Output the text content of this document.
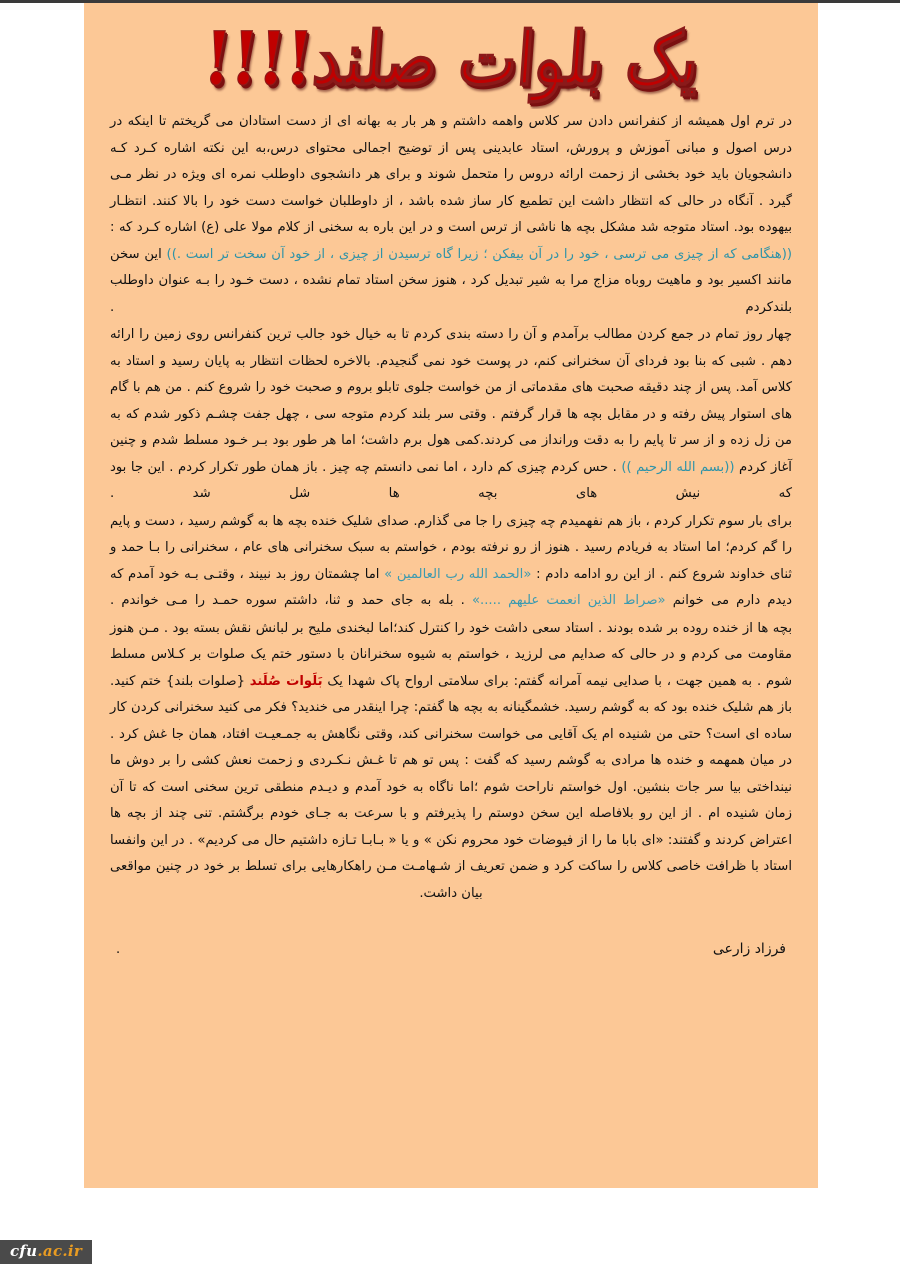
یک بلوات صلند!!!!

در ترم اول همیشه از کنفرانس دادن سر کلاس واهمه داشتم و هر بار به بهانه ای از دست استادان می گریختم تا اینکه در درس اصول و مبانی آموزش و پرورش، استاد عابدینی پس از توضیح اجمالی محتوای درس،به این نکته اشاره کـرد کـه دانشجویان باید خود بخشی از زحمت ارائه دروس را متحمل شوند و برای هر دانشجوی داوطلب نمره ای ویژه در نظر مـی گیرد . آنگاه در حالی که انتظار داشت این تطمیع کار ساز شده باشد ، از داوطلبان خواست دست خود را بالا کنند. انتظـار بیهوده بود. استاد متوجه شد مشکل بچه ها ناشی از ترس است و در این باره به سخنی از کلام مولا علی (ع) اشاره کـرد که : ((هنگامی که از چیزی می ترسی ، خود را در آن بیفکن ؛ زیرا گاه ترسیدن از چیزی ، از خود آن سخت تر است .)) این سخن مانند اکسیر بود و ماهیت روباه مزاج مرا به شیر تبدیل کرد ، هنوز سخن استاد تمام نشده ، دست خـود را بـه عنوان داوطلب بلندکردم .

چهار روز تمام در جمع کردن مطالب برآمدم و آن را دسته بندی کردم تا به خیال خود جالب ترین کنفرانس روی زمین را ارائه دهم . شبی که بنا بود فردای آن سخنرانی کنم، در پوست خود نمی گنجیدم. بالاخره لحظات انتظار به پایان رسید و استاد به کلاس آمد. پس از چند دقیقه صحبت های مقدماتی از من خواست جلوی تابلو بروم و صحبت خود را شروع کنم . من هم با گام های استوار پیش رفته و در مقابل بچه ها قرار گرفتم . وقتی سر بلند کردم متوجه سی ، چهل جفت چشـم ذکور شدم که به من زل زده و از سر تا پایم را به دقت ورانداز می کردند.کمی هول برم داشت؛ اما هر طور بود بـر خـود مسلط شدم و چنین آغاز کردم ((بسم الله الرحیم )) . حس کردم چیزی کم دارد ، اما نمی دانستم چه چیز . باز همان طور تکرار کردم . این جا بود که نیش های بچه ها شل شد .

برای بار سوم تکرار کردم ، باز هم نفهمیدم چه چیزی را جا می گذارم. صدای شلیک خنده بچه ها به گوشم رسید ، دست و پایم را گم کردم؛ اما استاد به فریادم رسید . هنوز از رو نرفته بودم ، خواستم به سبک سخنرانی های عام ، سخنرانی را بـا حمد و ثنای خداوند شروع کنم . از این رو ادامه دادم : «الحمد الله رب العالمین » اما چشمتان روز بد نبیند ، وقتـی بـه خود آمدم که دیدم دارم می خوانم «صراط الذین انعمت علیهم .....» . بله به جای حمد و ثنا، داشتم سوره حمـد را مـی خواندم .

بچه ها از خنده روده بر شده بودند . استاد سعی داشت خود را کنترل کند؛اما لبخندی ملیح بر لبانش نقش بسته بود . مـن هنوز مقاومت می کردم و در حالی که صدایم می لرزید ، خواستم به شیوه سخنرانان با دستور ختم یک صلوات بر کـلاس مسلط شوم . به همین جهت ، با صدایی نیمه آمرانه گفتم: برای سلامتی ارواح پاک شهدا یک بَلَوات صُلَند {صلوات بلند} ختم کنید. باز هم شلیک خنده بود که به گوشم رسید. خشمگینانه به بچه ها گفتم: چرا اینقدر می خندید؟ فکر می کنید سخنرانی کردن کار ساده ای است؟ حتی من شنیده ام یک آقایی می خواست سخنرانی کند، وقتی نگاهش به جمـعیـت افتاد، همان جا غش کرد . در میان همهمه و خنده ها مرادی به گوشم رسید که گفت : پس تو هم تا غـش نـکـردی و زحمت نعش کشی را بر دوش ما نینداختی بیا سر جات بنشین. اول خواستم ناراحت شوم ؛اما ناگاه به خود آمدم و دیـدم منطقی ترین سخنی است که تا آن زمان شنیده ام . از این رو بلافاصله این سخن دوستم را پذیرفتم و با سرعت به جـای خودم برگشتم. تنی چند از بچه ها اعتراض کردند و گفتند: «ای بابا ما را از فیوضات خود محروم نکن » و یا « بـابـا تـازه داشتیم حال می کردیم» . در این وانفسا استاد با ظرافت خاصی کلاس را ساکت کرد و ضمن تعریف از شـهامـت مـن راهکارهایی برای تسلط بر خود در چنین مواقعی بیان داشت.

فرزاد زارعی
.
cfu.ac.ir
